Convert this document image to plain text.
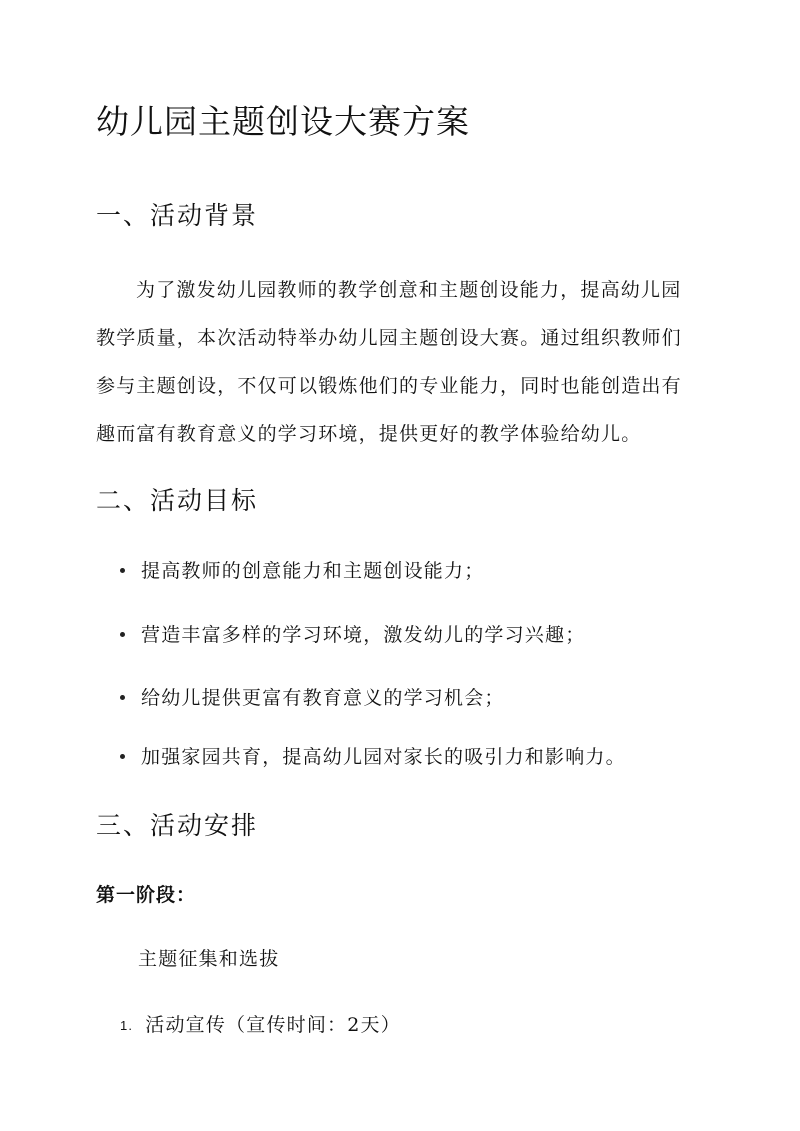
幼儿园主题创设大赛方案
一、活动背景
为了激发幼儿园教师的教学创意和主题创设能力，提高幼儿园
教学质量，本次活动特举办幼儿园主题创设大赛。通过组织教师们
参与主题创设，不仅可以锻炼他们的专业能力，同时也能创造出有
趣而富有教育意义的学习环境，提供更好的教学体验给幼儿。
二、活动目标
提高教师的创意能力和主题创设能力；
营造丰富多样的学习环境，激发幼儿的学习兴趣；
给幼儿提供更富有教育意义的学习机会；
加强家园共育，提高幼儿园对家长的吸引力和影响力。
三、活动安排
第一阶段：
主题征集和选拔
1. 活动宣传（宣传时间：2天）
